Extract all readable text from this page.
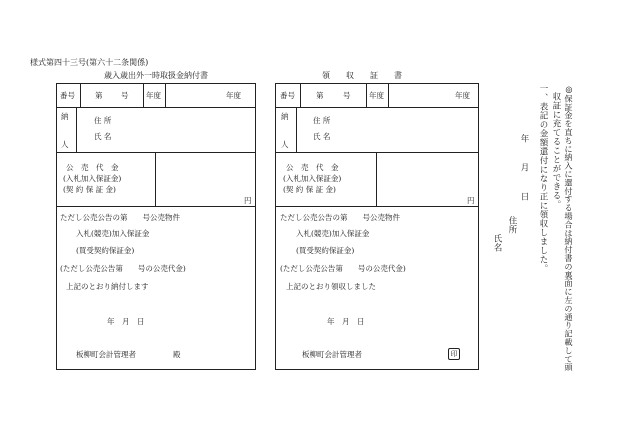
様式第四十三号(第六十二条関係)
歳入歳出外一時取扱金納付書	領　　収　　証　　書
番号	第 号 年度	年度
納
人
住 所
氏 名
公　売　代　金
(入札加入保証金)
(契 約 保 証 金)
円
ただし公売公告の第　　号公売物件
入札(競売)加入保証金
(買受契約保証金)
(ただし公売公告第　　号の公売代金)
上記のとおり納付します
年　月　日
板柳町会計管理者	殿
番号	第	号 年度	年度
納
人
住 所
氏 名
公　売　代　金
(入札加入保証金)
(契 約 保 証 金)
円
ただし公売公告の第　　号公売物件
入札(競売)加入保証金
(買受契約保証金)
(ただし公売公告第　　号の公売代金)
上記のとおり領収しました
年　月　日
板柳町会計管理者	印	◎保証金を直ちに納入に還付する場合は納付書の裏面に左の通り記載して頭
収証に充てることができる。
一、表記の金額還付になり正に領収しました。
年　月　日
住所
氏名
